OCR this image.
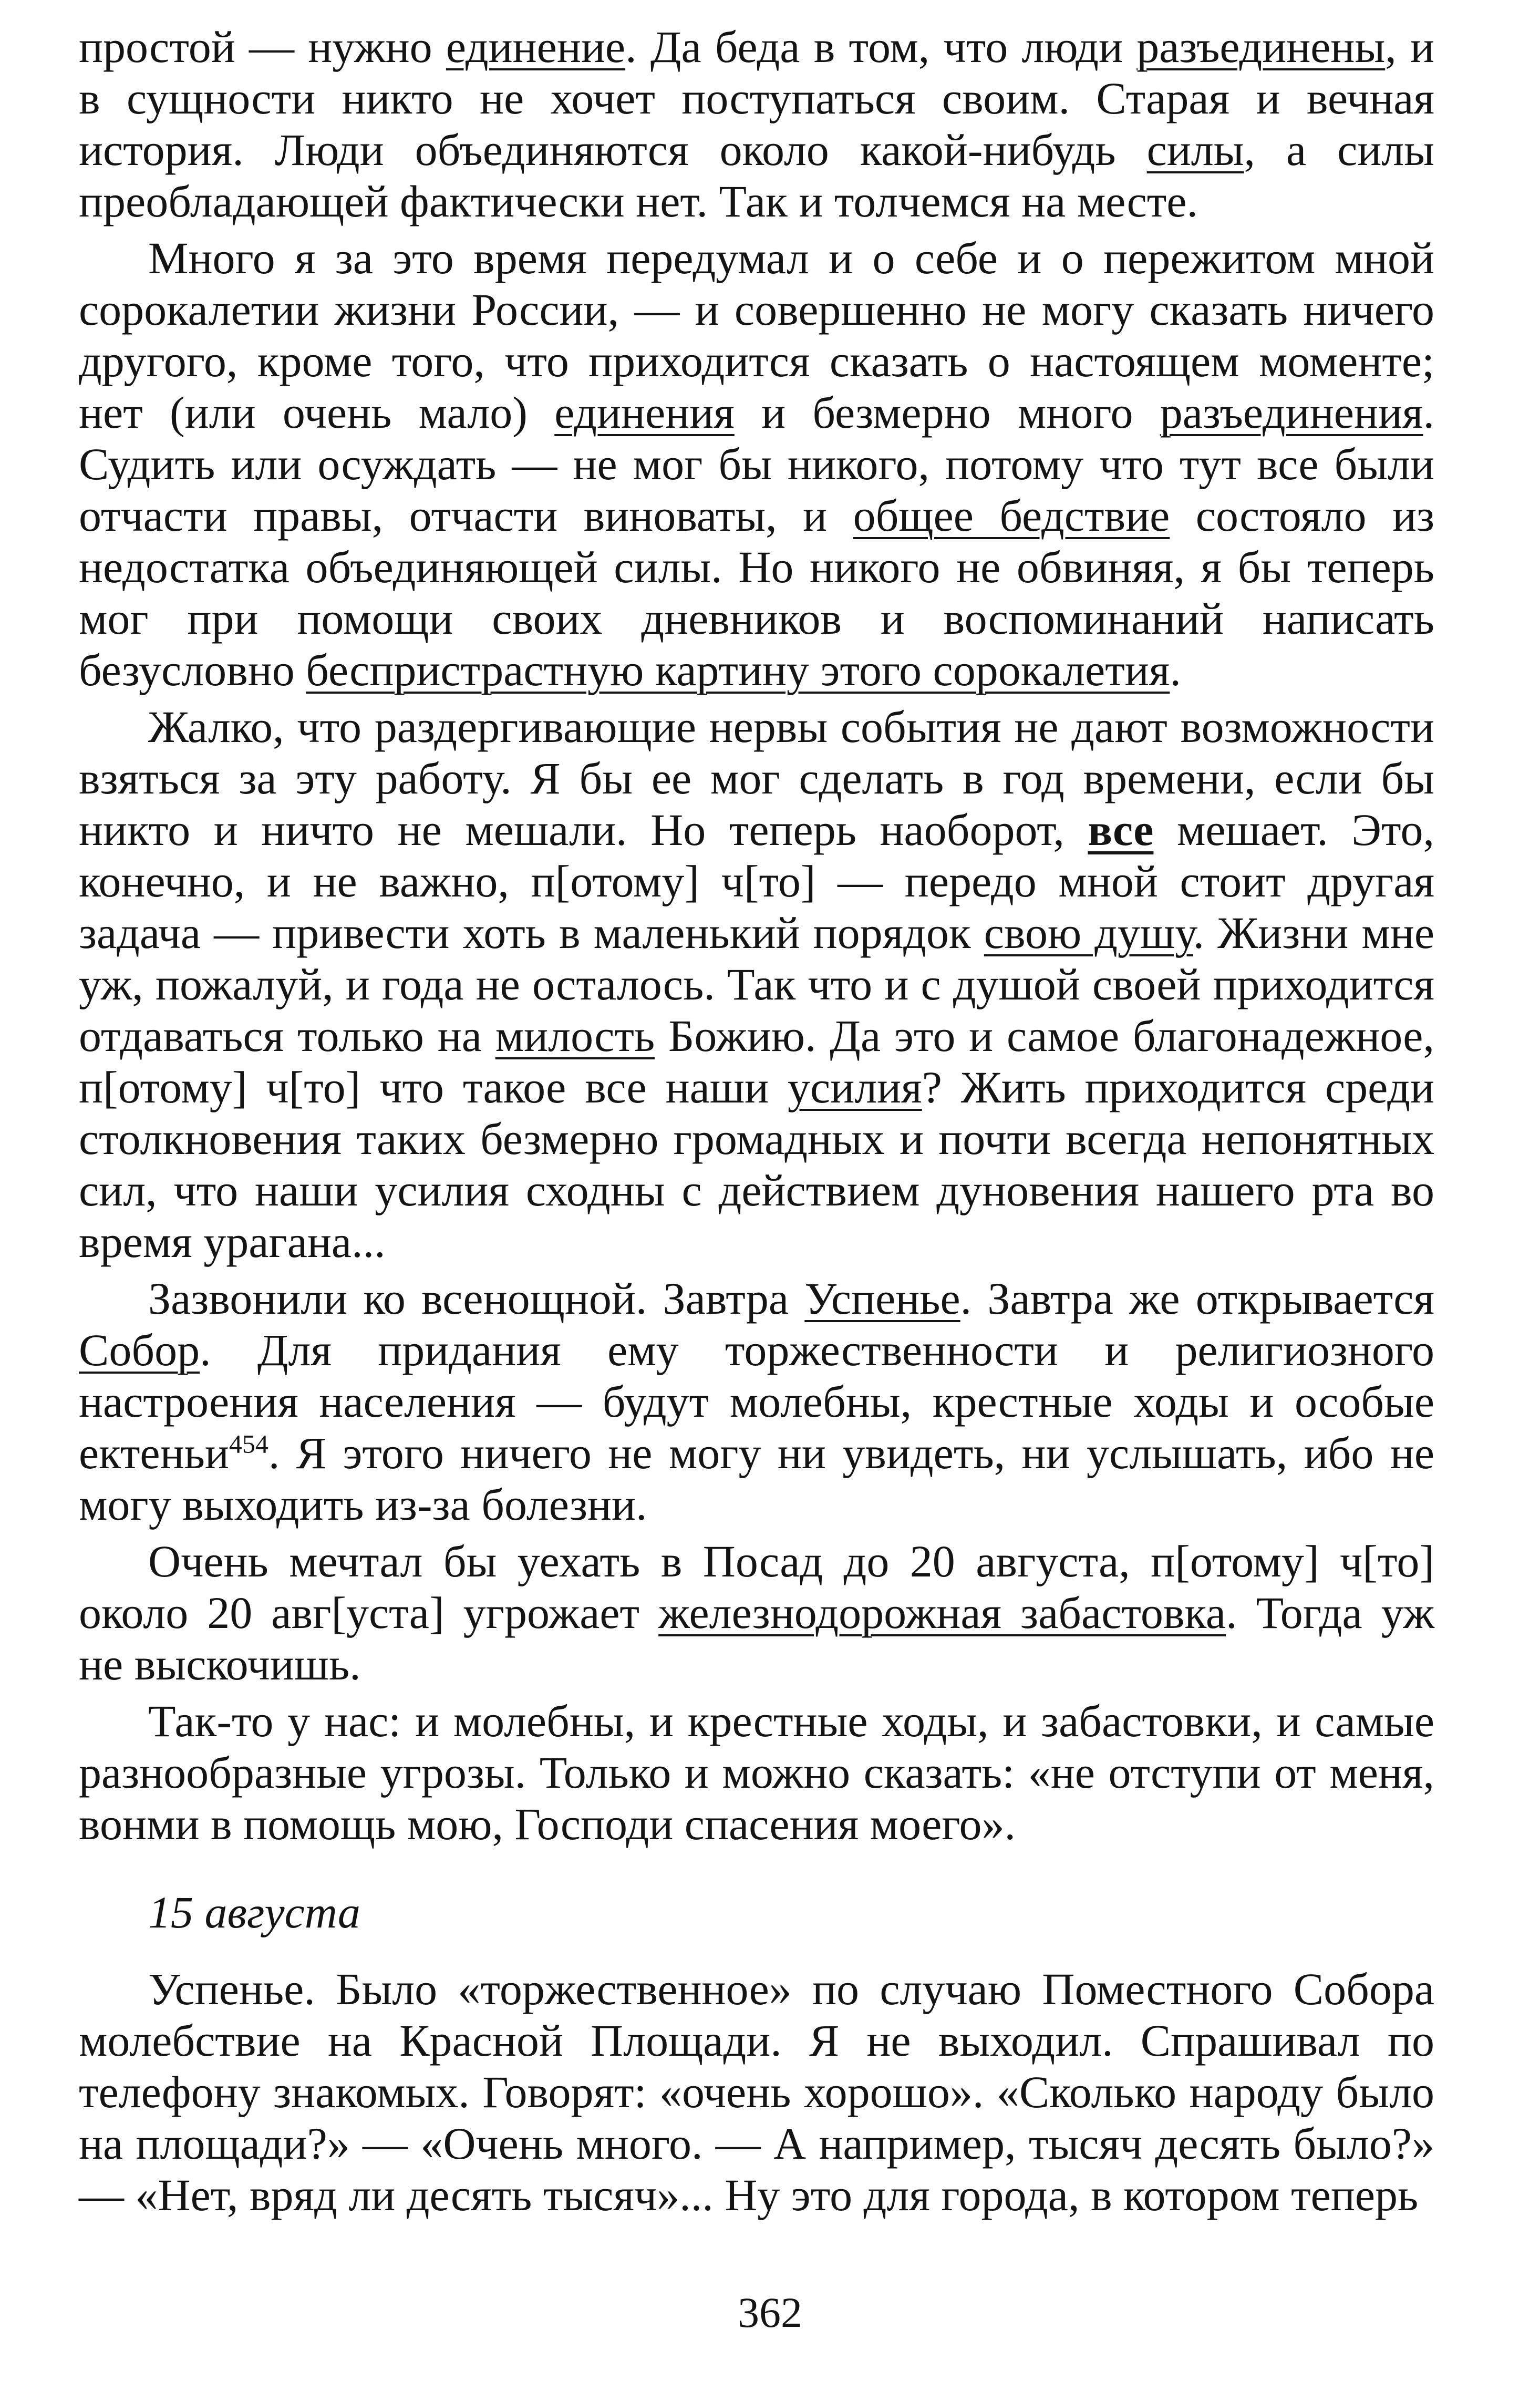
простой — нужно единение. Да беда в том, что люди разъединены, и в сущности никто не хочет поступаться своим. Старая и вечная история. Люди объединяются около какой-нибудь силы, а силы преобладающей фактически нет. Так и толчемся на месте.

Много я за это время передумал и о себе и о пережитом мной сорокалетии жизни России, — и совершенно не могу сказать ничего другого, кроме того, что приходится сказать о настоящем моменте; нет (или очень мало) единения и безмерно много разъединения. Судить или осуждать — не мог бы никого, потому что тут все были отчасти правы, отчасти виноваты, и общее бедствие состояло из недостатка объединяющей силы. Но никого не обвиняя, я бы теперь мог при помощи своих дневников и воспоминаний написать безусловно беспристрастную картину этого сорокалетия.

Жалко, что раздергивающие нервы события не дают возможности взяться за эту работу. Я бы ее мог сделать в год времени, если бы никто и ничто не мешали. Но теперь наоборот, все мешает. Это, конечно, и не важно, п[отому] ч[то] — передо мной стоит другая задача — привести хоть в маленький порядок свою душу. Жизни мне уж, пожалуй, и года не осталось. Так что и с душой своей приходится отдаваться только на милость Божию. Да это и самое благонадежное, п[отому] ч[то] что такое все наши усилия? Жить приходится среди столкновения таких безмерно громадных и почти всегда непонятных сил, что наши усилия сходны с действием дуновения нашего рта во время урагана...

Зазвонили ко всенощной. Завтра Успенье. Завтра же открывается Собор. Для придания ему торжественности и религиозного настроения населения — будут молебны, крестные ходы и особые ектеньи$^{454}$. Я этого ничего не могу ни увидеть, ни услышать, ибо не могу выходить из-за болезни.

Очень мечтал бы уехать в Посад до 20 августа, п[отому] ч[то] около 20 авг[уста] угрожает железнодорожная забастовка. Тогда уж не выскочишь.

Так-то у нас: и молебны, и крестные ходы, и забастовки, и самые разнообразные угрозы. Только и можно сказать: «не отступи от меня, вонми в помощь мою, Господи спасения моего».

15 августа

Успенье. Было «торжественное» по случаю Поместного Собора молебствие на Красной Площади. Я не выходил. Спрашивал по телефону знакомых. Говорят: «очень хорошо». «Сколько народу было на площади?» — «Очень много. — А например, тысяч десять было?» — «Нет, вряд ли десять тысяч»... Ну это для города, в котором теперь

362
